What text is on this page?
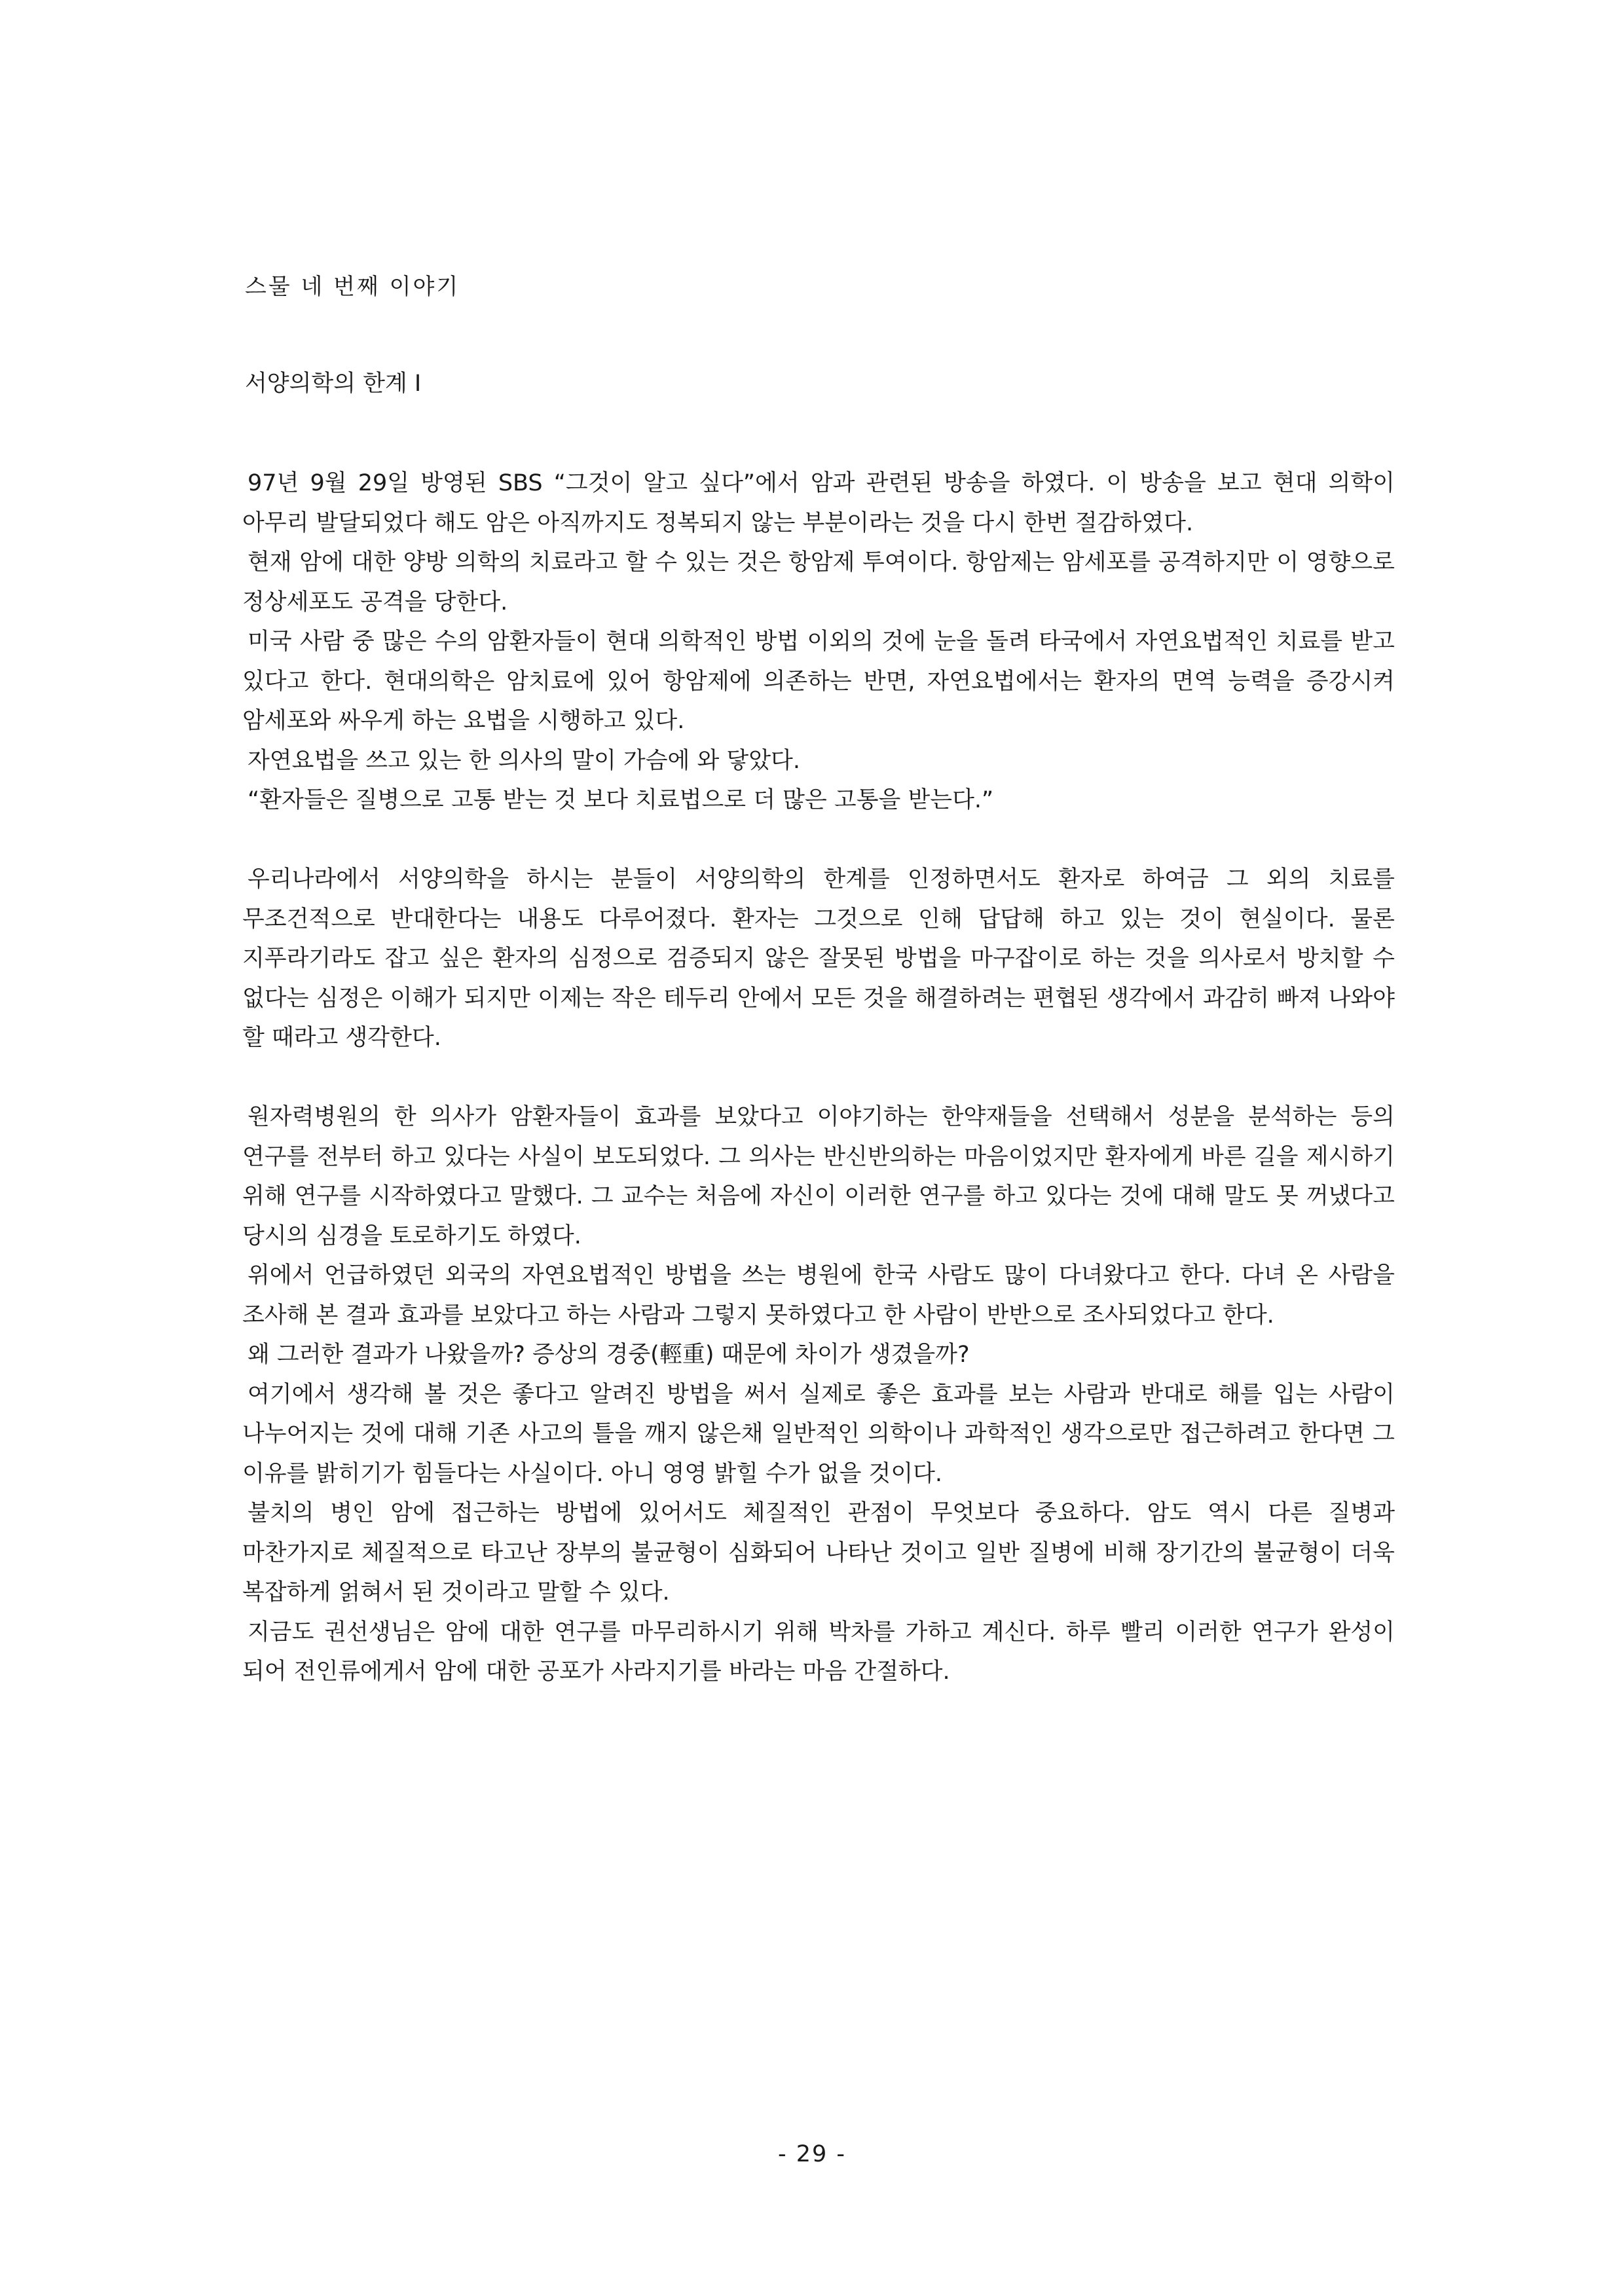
스물 네 번째 이야기
서양의학의 한계 I

97년 9월 29일 방영된 SBS “그것이 알고 싶다”에서 암과 관련된 방송을 하였다. 이 방송을 보고 현대 의학이 아무리 발달되었다 해도 암은 아직까지도 정복되지 않는 부분이라는 것을 다시 한번 절감하였다.

현재 암에 대한 양방 의학의 치료라고 할 수 있는 것은 항암제 투여이다. 항암제는 암세포를 공격하지만 이 영향으로 정상세포도 공격을 당한다.

미국 사람 중 많은 수의 암환자들이 현대 의학적인 방법 이외의 것에 눈을 돌려 타국에서 자연요법적인 치료를 받고 있다고 한다. 현대의학은 암치료에 있어 항암제에 의존하는 반면, 자연요법에서는 환자의 면역 능력을 증강시켜 암세포와 싸우게 하는 요법을 시행하고 있다.

자연요법을 쓰고 있는 한 의사의 말이 가슴에 와 닿았다.

“환자들은 질병으로 고통 받는 것 보다 치료법으로 더 많은 고통을 받는다.”

우리나라에서 서양의학을 하시는 분들이 서양의학의 한계를 인정하면서도 환자로 하여금 그 외의 치료를 무조건적으로 반대한다는 내용도 다루어졌다. 환자는 그것으로 인해 답답해 하고 있는 것이 현실이다. 물론 지푸라기라도 잡고 싶은 환자의 심정으로 검증되지 않은 잘못된 방법을 마구잡이로 하는 것을 의사로서 방치할 수 없다는 심정은 이해가 되지만 이제는 작은 테두리 안에서 모든 것을 해결하려는 편협된 생각에서 과감히 빠져 나와야 할 때라고 생각한다.

원자력병원의 한 의사가 암환자들이 효과를 보았다고 이야기하는 한약재들을 선택해서 성분을 분석하는 등의 연구를 전부터 하고 있다는 사실이 보도되었다. 그 의사는 반신반의하는 마음이었지만 환자에게 바른 길을 제시하기 위해 연구를 시작하였다고 말했다. 그 교수는 처음에 자신이 이러한 연구를 하고 있다는 것에 대해 말도 못 꺼냈다고 당시의 심경을 토로하기도 하였다.

위에서 언급하였던 외국의 자연요법적인 방법을 쓰는 병원에 한국 사람도 많이 다녀왔다고 한다. 다녀 온 사람을 조사해 본 결과 효과를 보았다고 하는 사람과 그렇지 못하였다고 한 사람이 반반으로 조사되었다고 한다.

왜 그러한 결과가 나왔을까? 증상의 경중(輕重) 때문에 차이가 생겼을까?

여기에서 생각해 볼 것은 좋다고 알려진 방법을 써서 실제로 좋은 효과를 보는 사람과 반대로 해를 입는 사람이 나누어지는 것에 대해 기존 사고의 틀을 깨지 않은채 일반적인 의학이나 과학적인 생각으로만 접근하려고 한다면 그 이유를 밝히기가 힘들다는 사실이다. 아니 영영 밝힐 수가 없을 것이다.

불치의 병인 암에 접근하는 방법에 있어서도 체질적인 관점이 무엇보다 중요하다. 암도 역시 다른 질병과 마찬가지로 체질적으로 타고난 장부의 불균형이 심화되어 나타난 것이고 일반 질병에 비해 장기간의 불균형이 더욱 복잡하게 얽혀서 된 것이라고 말할 수 있다.

지금도 권선생님은 암에 대한 연구를 마무리하시기 위해 박차를 가하고 계신다. 하루 빨리 이러한 연구가 완성이 되어 전인류에게서 암에 대한 공포가 사라지기를 바라는 마음 간절하다.

- 29 -
